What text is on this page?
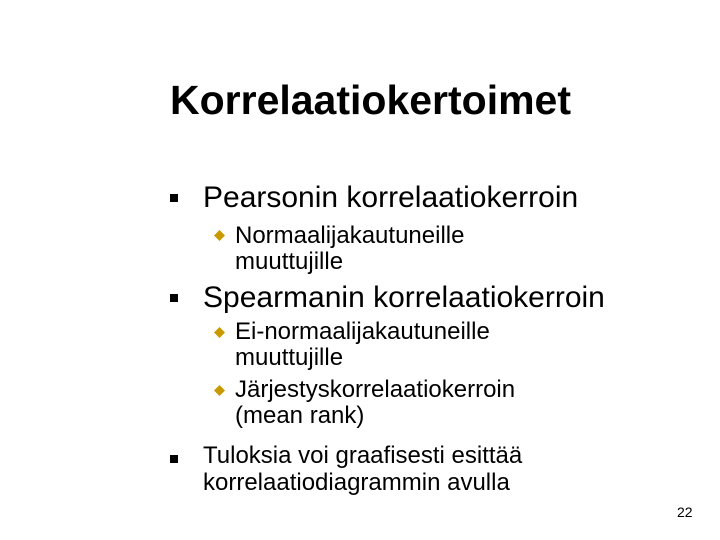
Korrelaatiokertoimet
Pearsonin korrelaatiokerroin
Normaalijakautuneille
muuttujille
Spearmanin korrelaatiokerroin
Ei-normaalijakautuneille
muuttujille
Järjestyskorrelaatiokerroin
(mean rank)
Tuloksia voi graafisesti esittää
korrelaatiodiagrammin avulla
22
